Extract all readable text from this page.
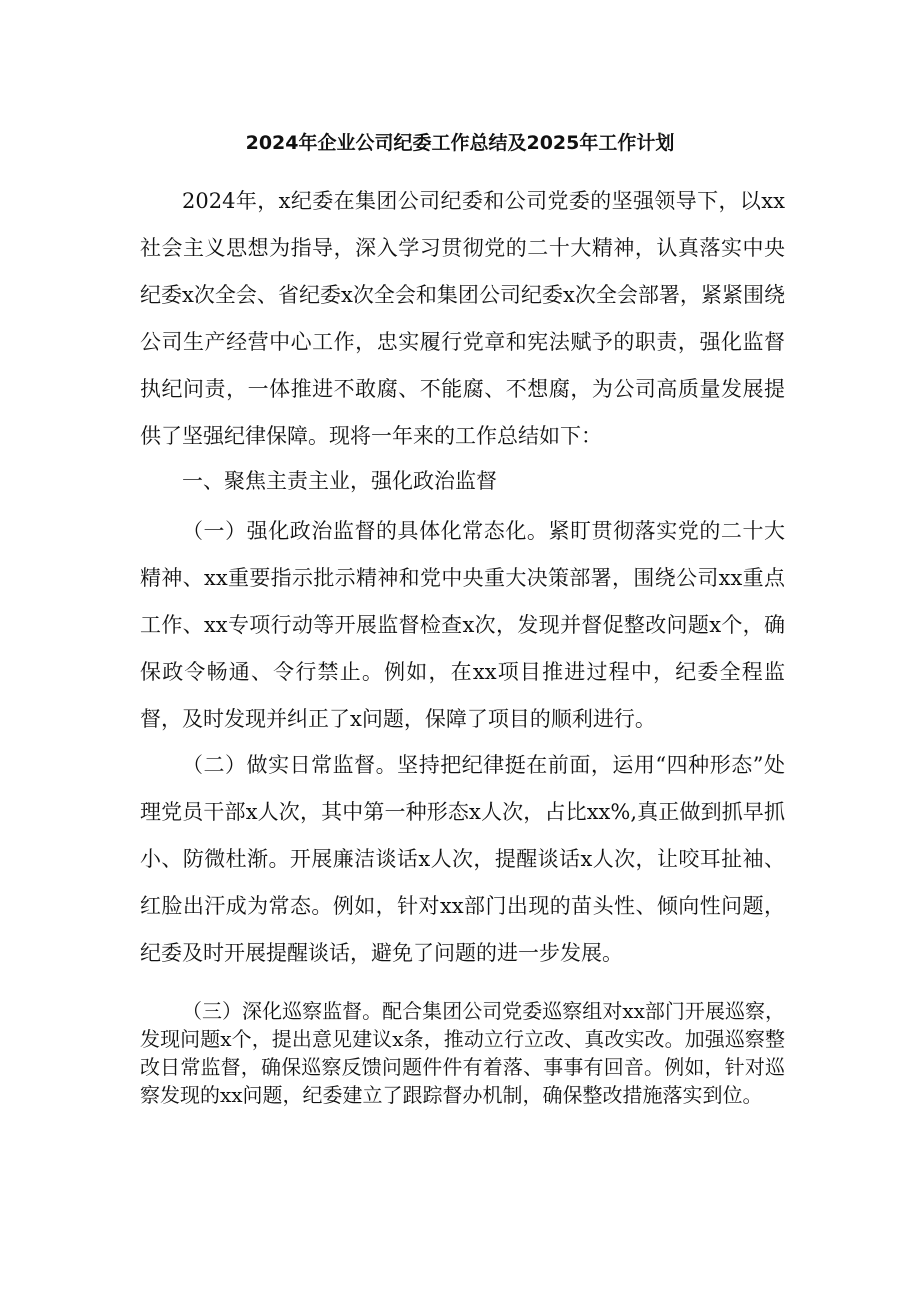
2024年企业公司纪委工作总结及2025年工作计划

2024年，x纪委在集团公司纪委和公司党委的坚强领导下，以xx社会主义思想为指导，深入学习贯彻党的二十大精神，认真落实中央纪委x次全会、省纪委x次全会和集团公司纪委x次全会部署，紧紧围绕公司生产经营中心工作，忠实履行党章和宪法赋予的职责，强化监督执纪问责，一体推进不敢腐、不能腐、不想腐，为公司高质量发展提供了坚强纪律保障。现将一年来的工作总结如下：

一、聚焦主责主业，强化政治监督

（一）强化政治监督的具体化常态化。紧盯贯彻落实党的二十大精神、xx重要指示批示精神和党中央重大决策部署，围绕公司xx重点工作、xx专项行动等开展监督检查x次，发现并督促整改问题x个，确保政令畅通、令行禁止。例如，在xx项目推进过程中，纪委全程监督，及时发现并纠正了x问题，保障了项目的顺利进行。

（二）做实日常监督。坚持把纪律挺在前面，运用“四种形态”处理党员干部x人次，其中第一种形态x人次，占比xx%,真正做到抓早抓小、防微杜渐。开展廉洁谈话x人次，提醒谈话x人次，让咬耳扯袖、红脸出汗成为常态。例如，针对xx部门出现的苗头性、倾向性问题，纪委及时开展提醒谈话，避免了问题的进一步发展。

（三）深化巡察监督。配合集团公司党委巡察组对xx部门开展巡察，发现问题x个，提出意见建议x条，推动立行立改、真改实改。加强巡察整改日常监督，确保巡察反馈问题件件有着落、事事有回音。例如，针对巡察发现的xx问题，纪委建立了跟踪督办机制，确保整改措施落实到位。
